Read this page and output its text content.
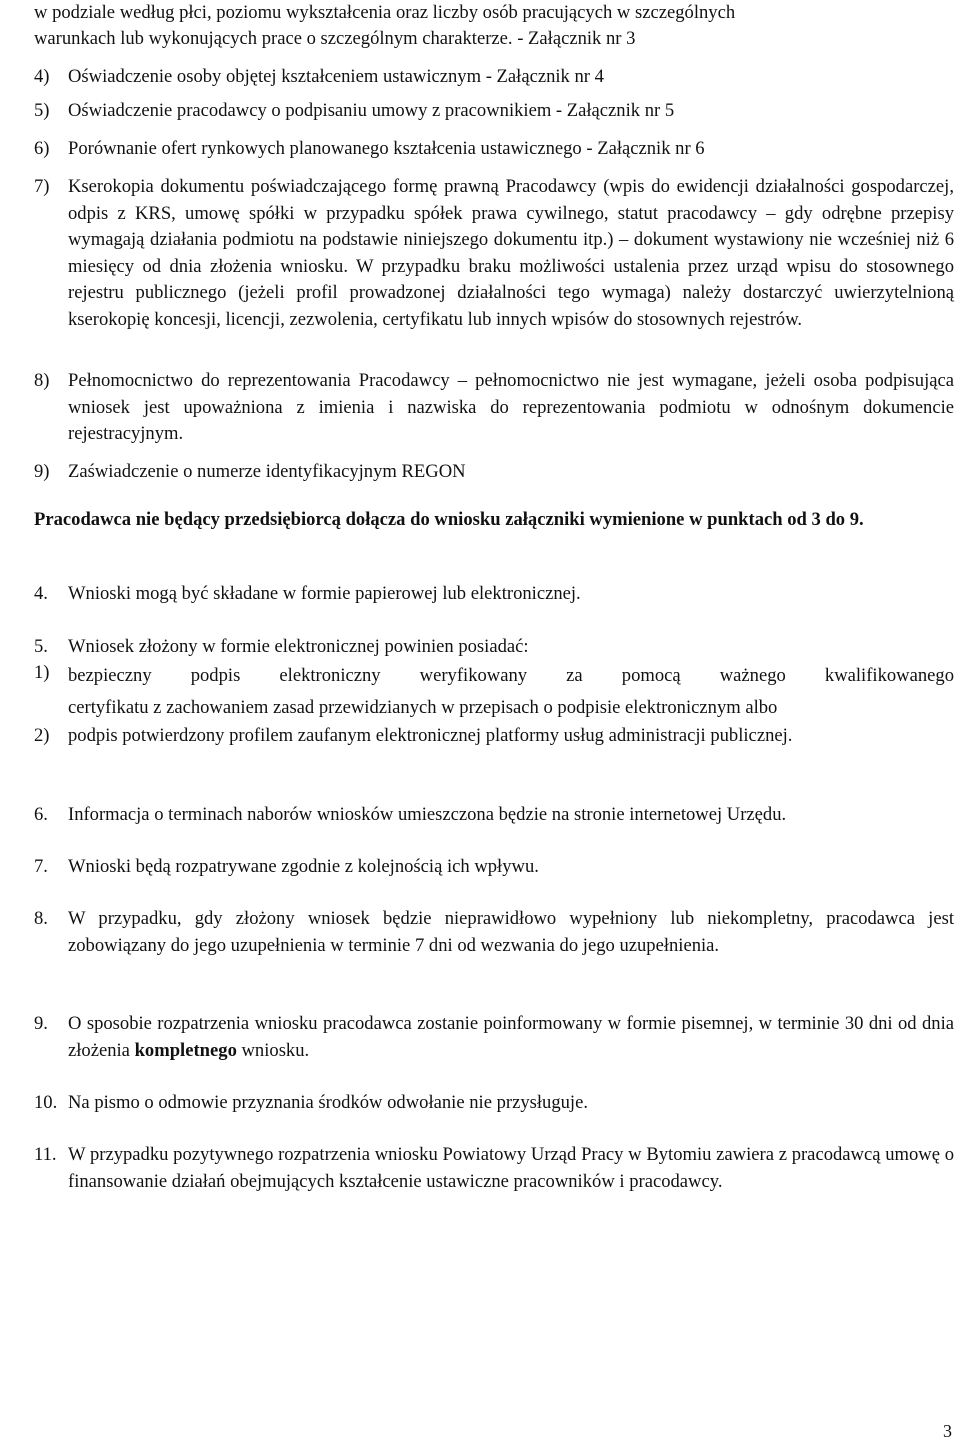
w podziale według płci, poziomu wykształcenia oraz liczby osób pracujących w szczególnych
warunkach lub wykonujących prace o szczególnym charakterze. - Załącznik nr 3
4) Oświadczenie osoby objętej kształceniem ustawicznym - Załącznik nr 4
5) Oświadczenie pracodawcy o podpisaniu umowy z pracownikiem - Załącznik nr 5
6) Porównanie ofert rynkowych planowanego kształcenia ustawicznego - Załącznik nr 6
7) Kserokopia dokumentu poświadczającego formę prawną Pracodawcy (wpis do ewidencji działalności gospodarczej, odpis z KRS, umowę spółki w przypadku spółek prawa cywilnego, statut pracodawcy – gdy odrębne przepisy wymagają działania podmiotu na podstawie niniejszego dokumentu itp.) – dokument wystawiony nie wcześniej niż 6 miesięcy od dnia złożenia wniosku. W przypadku braku możliwości ustalenia przez urząd wpisu do stosownego rejestru publicznego (jeżeli profil prowadzonej działalności tego wymaga) należy dostarczyć uwierzytelnioną kserokopię koncesji, licencji, zezwolenia, certyfikatu lub innych wpisów do stosownych rejestrów.
8) Pełnomocnictwo do reprezentowania Pracodawcy – pełnomocnictwo nie jest wymagane, jeżeli osoba podpisująca wniosek jest upoważniona z imienia i nazwiska do reprezentowania podmiotu w odnośnym dokumencie rejestracyjnym.
9) Zaświadczenie o numerze identyfikacyjnym REGON
Pracodawca nie będący przedsiębiorcą dołącza do wniosku załączniki wymienione w punktach od 3 do 9.
4. Wnioski mogą być składane w formie papierowej lub elektronicznej.
5. Wniosek złożony w formie elektronicznej powinien posiadać:
1) bezpieczny podpis elektroniczny weryfikowany za pomocą ważnego kwalifikowanego
certyfikatu z zachowaniem zasad przewidzianych w przepisach o podpisie elektronicznym albo
2) podpis potwierdzony profilem zaufanym elektronicznej platformy usług administracji publicznej.
6. Informacja o terminach naborów wniosków umieszczona będzie na stronie internetowej Urzędu.
7. Wnioski będą rozpatrywane zgodnie z kolejnością ich wpływu.
8. W przypadku, gdy złożony wniosek będzie nieprawidłowo wypełniony lub niekompletny, pracodawca jest zobowiązany do jego uzupełnienia w terminie 7 dni od wezwania do jego uzupełnienia.
9. O sposobie rozpatrzenia wniosku pracodawca zostanie poinformowany w formie pisemnej, w terminie 30 dni od dnia złożenia kompletnego wniosku.
10. Na pismo o odmowie przyznania środków odwołanie nie przysługuje.
11. W przypadku pozytywnego rozpatrzenia wniosku Powiatowy Urząd Pracy w Bytomiu zawiera z pracodawcą umowę o finansowanie działań obejmujących kształcenie ustawiczne pracowników i pracodawcy.
3
